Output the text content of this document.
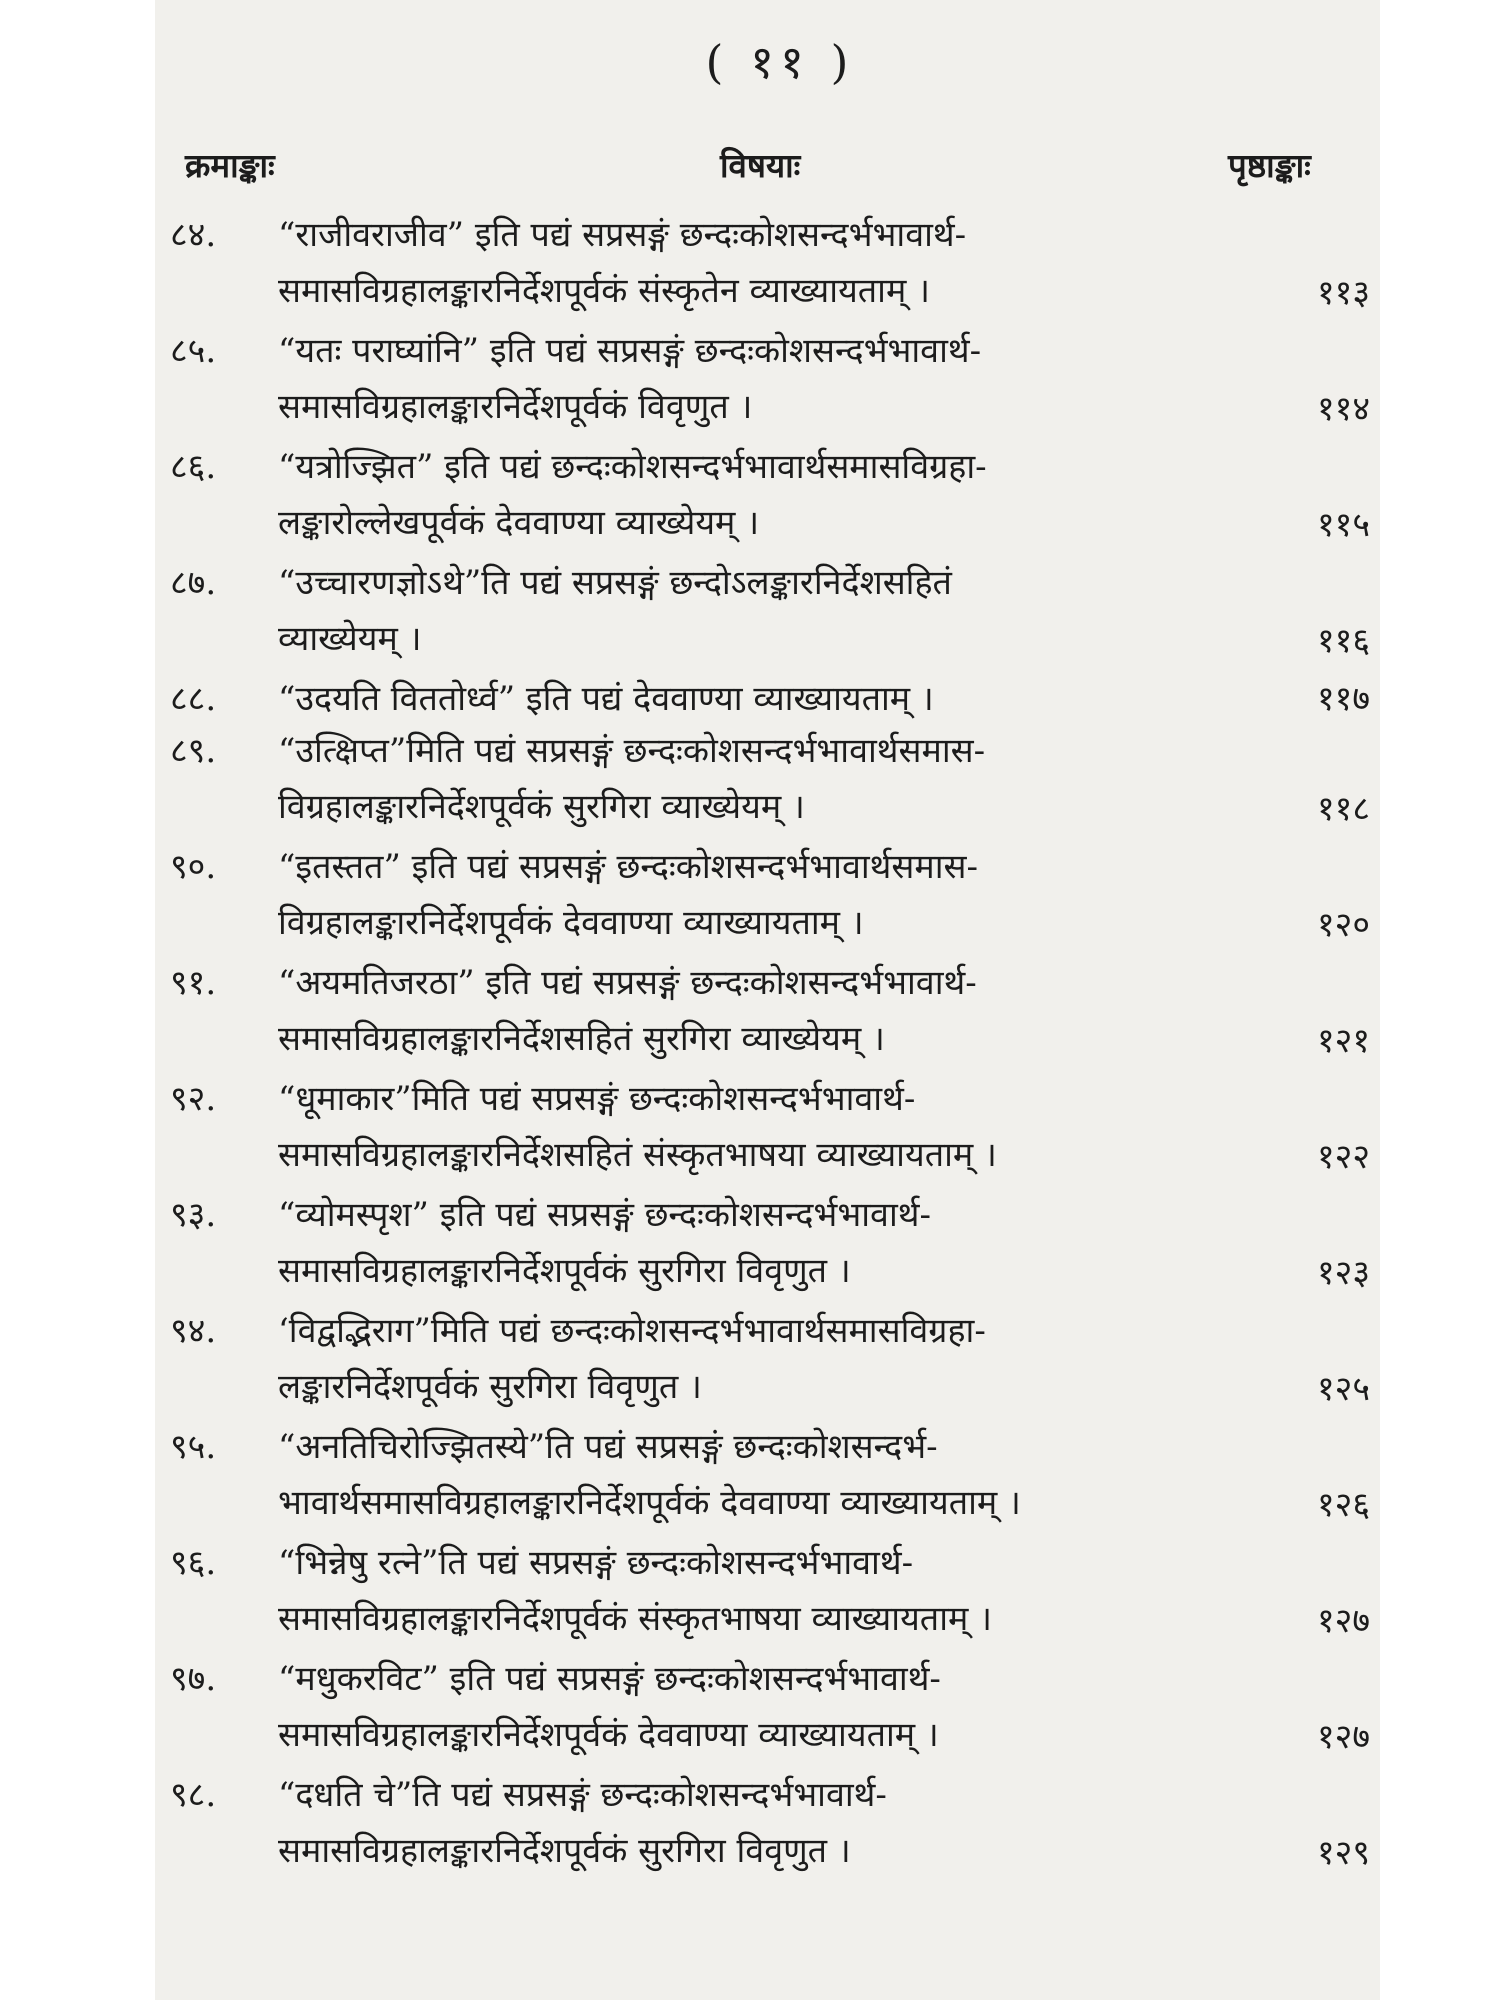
( ११ )
क्रमाङ्काः	विषयाः	पृष्ठाङ्काः
८४.	“राजीवराजीव” इति पद्यं सप्रसङ्गं छन्दःकोशसन्दर्भभावार्थ-
समासविग्रहालङ्कारनिर्देशपूर्वकं संस्कृतेन व्याख्यायताम् ।	११३
८५.	“यतः पराघ्यांनि” इति पद्यं सप्रसङ्गं छन्दःकोशसन्दर्भभावार्थ-
समासविग्रहालङ्कारनिर्देशपूर्वकं विवृणुत ।	११४
८६.	“यत्रोज्झित” इति पद्यं छन्दःकोशसन्दर्भभावार्थसमासविग्रहा-
लङ्कारोल्लेखपूर्वकं देववाण्या व्याख्येयम् ।	११५
८७.	“उच्चारणज्ञोऽथे”ति पद्यं सप्रसङ्गं छन्दोऽलङ्कारनिर्देशसहितं
व्याख्येयम् ।	११६
८८.	“उदयति विततोर्ध्व” इति पद्यं देववाण्या व्याख्यायताम् ।	११७
८९.	“उत्क्षिप्त”मिति पद्यं सप्रसङ्गं छन्दःकोशसन्दर्भभावार्थसमास-
विग्रहालङ्कारनिर्देशपूर्वकं सुरगिरा व्याख्येयम् ।	११८
९०.	“इतस्तत” इति पद्यं सप्रसङ्गं छन्दःकोशसन्दर्भभावार्थसमास-
विग्रहालङ्कारनिर्देशपूर्वकं देववाण्या व्याख्यायताम् ।	१२०
९१.	“अयमतिजरठा” इति पद्यं सप्रसङ्गं छन्दःकोशसन्दर्भभावार्थ-
समासविग्रहालङ्कारनिर्देशसहितं सुरगिरा व्याख्येयम् ।	१२१
९२.	“धूमाकार”मिति पद्यं सप्रसङ्गं छन्दःकोशसन्दर्भभावार्थ-
समासविग्रहालङ्कारनिर्देशसहितं संस्कृतभाषया व्याख्यायताम् ।	१२२
९३.	“व्योमस्पृश” इति पद्यं सप्रसङ्गं छन्दःकोशसन्दर्भभावार्थ-
समासविग्रहालङ्कारनिर्देशपूर्वकं सुरगिरा विवृणुत ।	१२३
९४.	‘विद्वद्भिराग”मिति पद्यं छन्दःकोशसन्दर्भभावार्थसमासविग्रहा-
लङ्कारनिर्देशपूर्वकं सुरगिरा विवृणुत ।	१२५
९५.	“अनतिचिरोज्झितस्ये”ति पद्यं सप्रसङ्गं छन्दःकोशसन्दर्भ-
भावार्थसमासविग्रहालङ्कारनिर्देशपूर्वकं देववाण्या व्याख्यायताम् ।	१२६
९६.	“भिन्नेषु रत्ने”ति पद्यं सप्रसङ्गं छन्दःकोशसन्दर्भभावार्थ-
समासविग्रहालङ्कारनिर्देशपूर्वकं संस्कृतभाषया व्याख्यायताम् ।	१२७
९७.	“मधुकरविट” इति पद्यं सप्रसङ्गं छन्दःकोशसन्दर्भभावार्थ-
समासविग्रहालङ्कारनिर्देशपूर्वकं देववाण्या व्याख्यायताम् ।	१२७
९८.	“दधति चे”ति पद्यं सप्रसङ्गं छन्दःकोशसन्दर्भभावार्थ-
समासविग्रहालङ्कारनिर्देशपूर्वकं सुरगिरा विवृणुत ।	१२९
